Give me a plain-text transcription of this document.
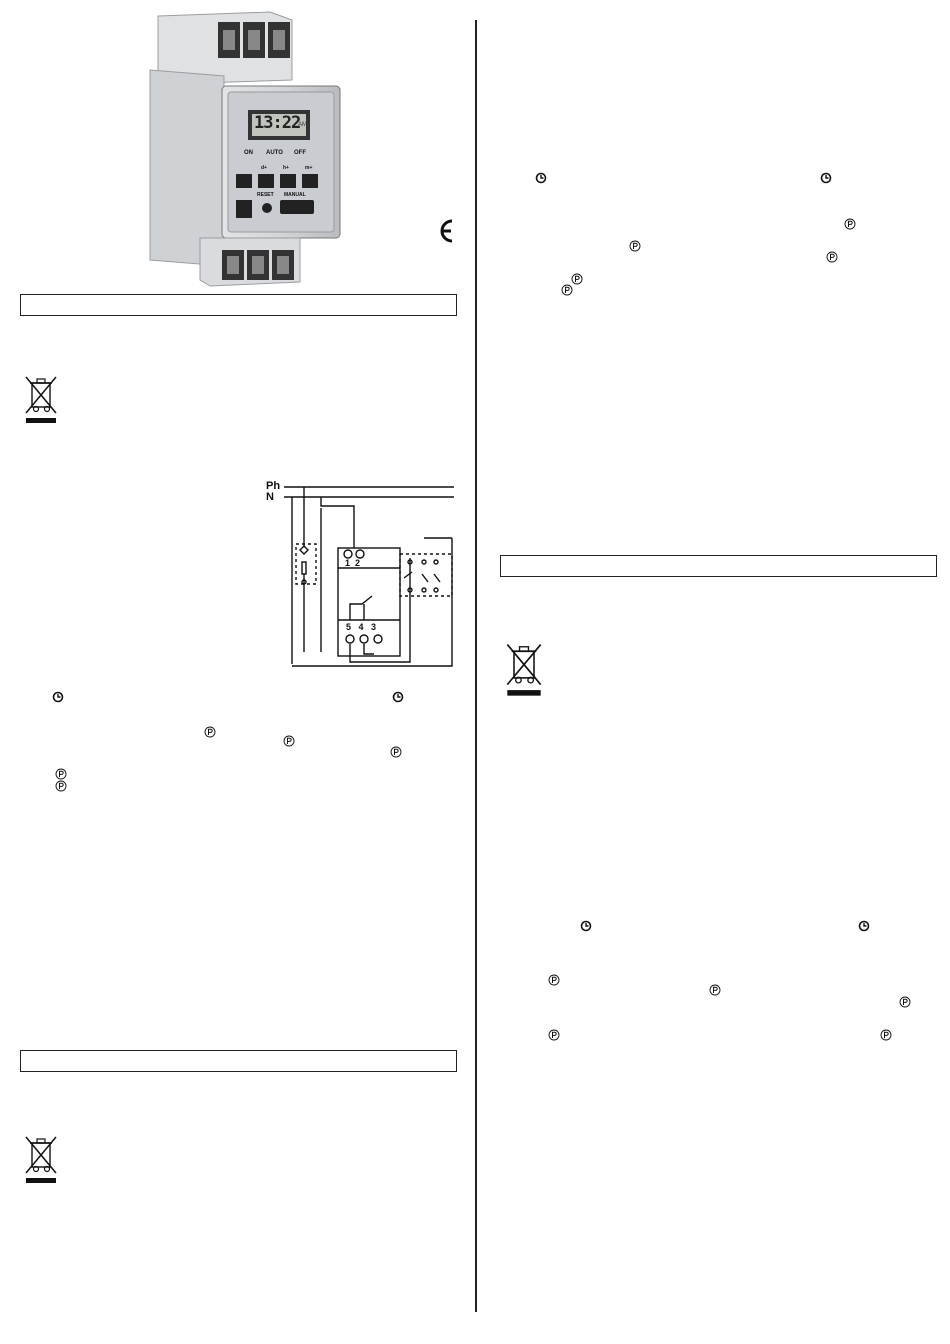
13:22
AM
ON AUTO OFF
d+	h+	m+
RESET MANUAL
Ph
N
1  2
5   4   3
